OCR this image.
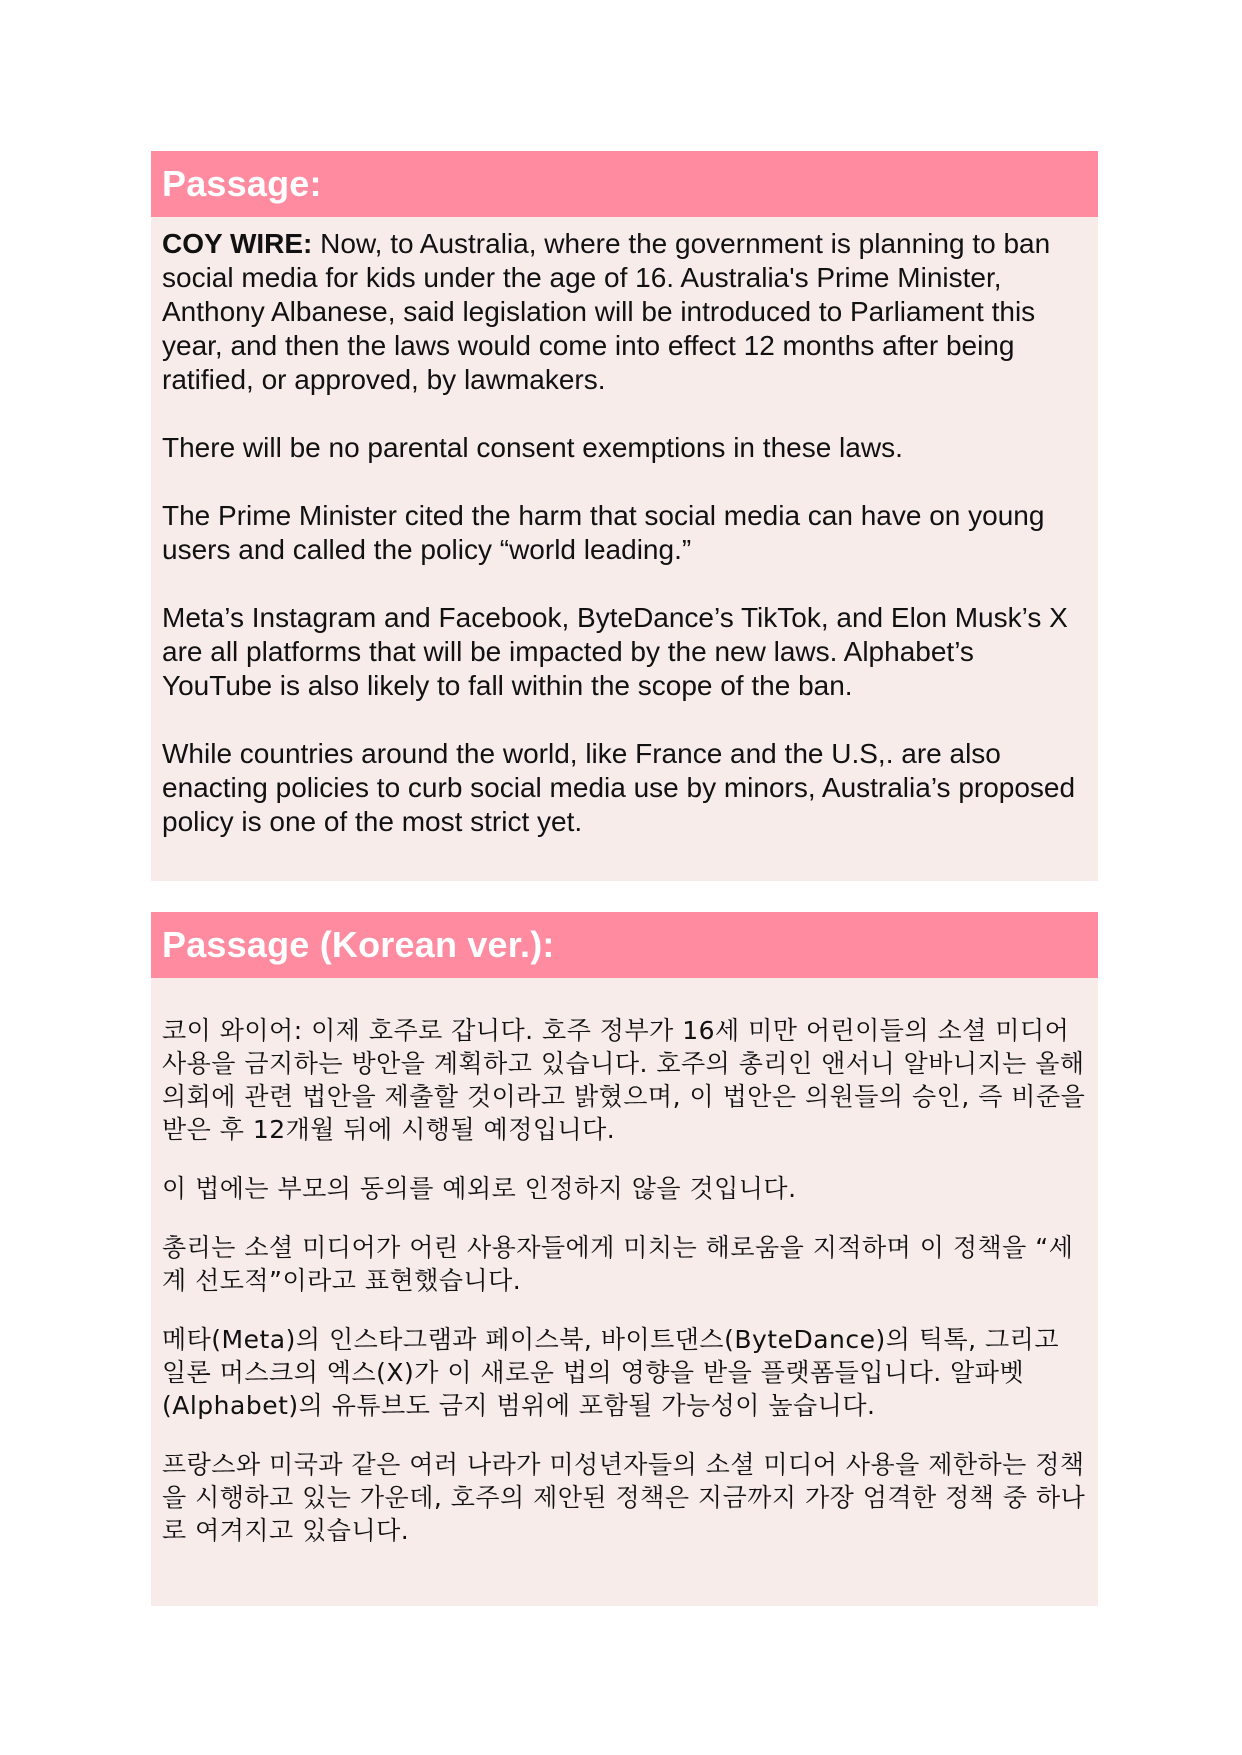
Passage:

COY WIRE: Now, to Australia, where the government is planning to ban social media for kids under the age of 16. Australia's Prime Minister, Anthony Albanese, said legislation will be introduced to Parliament this year, and then the laws would come into effect 12 months after being ratified, or approved, by lawmakers.

There will be no parental consent exemptions in these laws.

The Prime Minister cited the harm that social media can have on young users and called the policy “world leading.”

Meta’s Instagram and Facebook, ByteDance’s TikTok, and Elon Musk’s X are all platforms that will be impacted by the new laws. Alphabet’s YouTube is also likely to fall within the scope of the ban.

While countries around the world, like France and the U.S,. are also enacting policies to curb social media use by minors, Australia’s proposed policy is one of the most strict yet.

Passage (Korean ver.):

코이 와이어: 이제 호주로 갑니다. 호주 정부가 16세 미만 어린이들의 소셜 미디어 사용을 금지하는 방안을 계획하고 있습니다. 호주의 총리인 앤서니 알바니지는 올해 의회에 관련 법안을 제출할 것이라고 밝혔으며, 이 법안은 의원들의 승인, 즉 비준을 받은 후 12개월 뒤에 시행될 예정입니다.

이 법에는 부모의 동의를 예외로 인정하지 않을 것입니다.

총리는 소셜 미디어가 어린 사용자들에게 미치는 해로움을 지적하며 이 정책을 “세계 선도적”이라고 표현했습니다.

메타(Meta)의 인스타그램과 페이스북, 바이트댄스(ByteDance)의 틱톡, 그리고 일론 머스크의 엑스(X)가 이 새로운 법의 영향을 받을 플랫폼들입니다. 알파벳(Alphabet)의 유튜브도 금지 범위에 포함될 가능성이 높습니다.

프랑스와 미국과 같은 여러 나라가 미성년자들의 소셜 미디어 사용을 제한하는 정책을 시행하고 있는 가운데, 호주의 제안된 정책은 지금까지 가장 엄격한 정책 중 하나로 여겨지고 있습니다.
